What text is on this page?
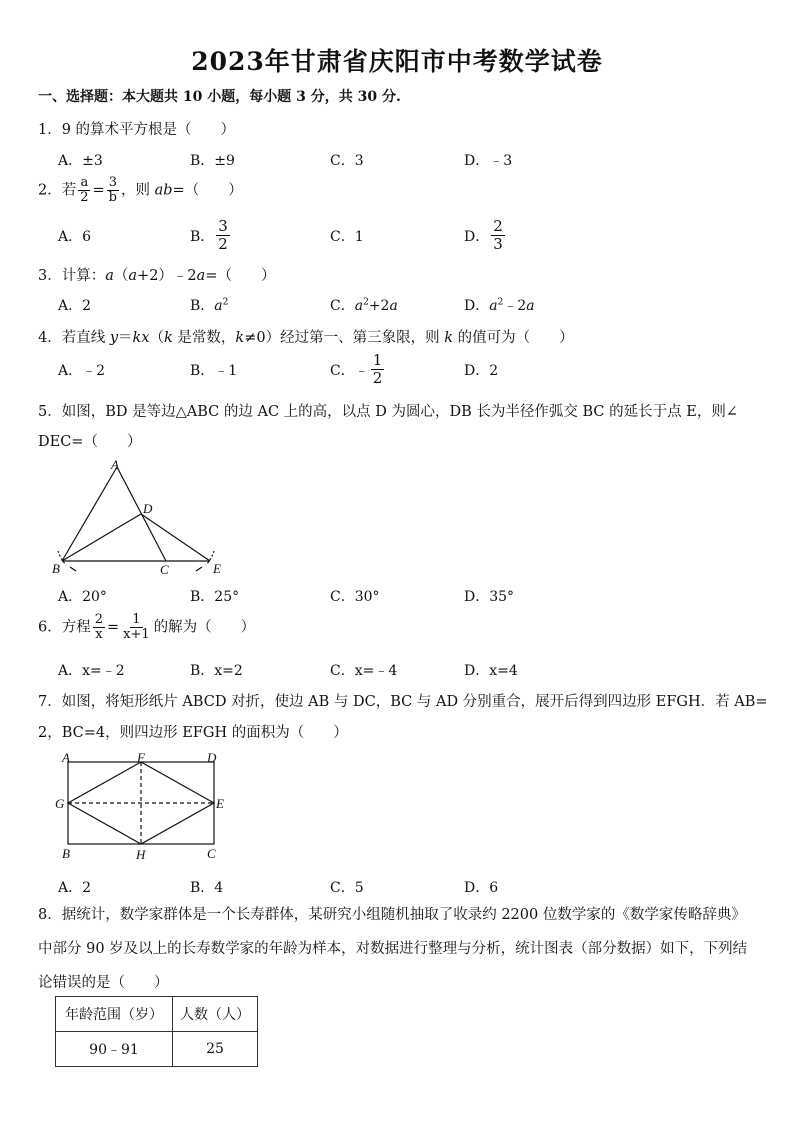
2023年甘肃省庆阳市中考数学试卷
一、选择题：本大题共 10 小题，每小题 3 分，共 30 分.
1．9 的算术平方根是（　　）
A．±3	B．±9	C．3	D．﹣3
2．若 $\frac{a}{2} = \frac{3}{b}$ ，则 ab=（　　）
A．6	B． $\frac{3}{2}$	C．1	D． $\frac{2}{3}$
3．计算：a（a+2）﹣2a=（　　）
A．2	B．$a^2$	C．$a^2+2a$	D．$a^2﹣2a$
4．若直线 y＝kx（k 是常数，k≠0）经过第一、第三象限，则 k 的值可为（　　）
A．﹣2	B．﹣1	C．﹣ $\frac{1}{2}$	D．2
5．如图，BD 是等边△ABC 的边 AC 上的高，以点 D 为圆心，DB 长为半径作弧交 BC 的延长于点 E，则∠
DEC=（　　）
A
B	C
D
E
A．20°	B．25°	C．30°	D．35°
6．方程 $\frac{2}{x} = \frac{1}{x+1}$ 的解为（　　）
A．x=﹣2	B．x=2	C．x=﹣4	D．x=4
7．如图，将矩形纸片 ABCD 对折，使边 AB 与 DC，BC 与 AD 分别重合，展开后得到四边形 EFGH．若 AB=
2，BC=4，则四边形 EFGH 的面积为（　　）
A	F	D
G	E
B	H	C
A．2	B．4	C．5	D．6
8．据统计，数学家群体是一个长寿群体，某研究小组随机抽取了收录约 2200 位数学家的《数学家传略辞典》中部分 90 岁及以上的长寿数学家的年龄为样本，对数据进行整理与分析，统计图表（部分数据）如下，下列结论错误的是（　　）
年龄范围（岁）	人数（人）
90﹣91	25
